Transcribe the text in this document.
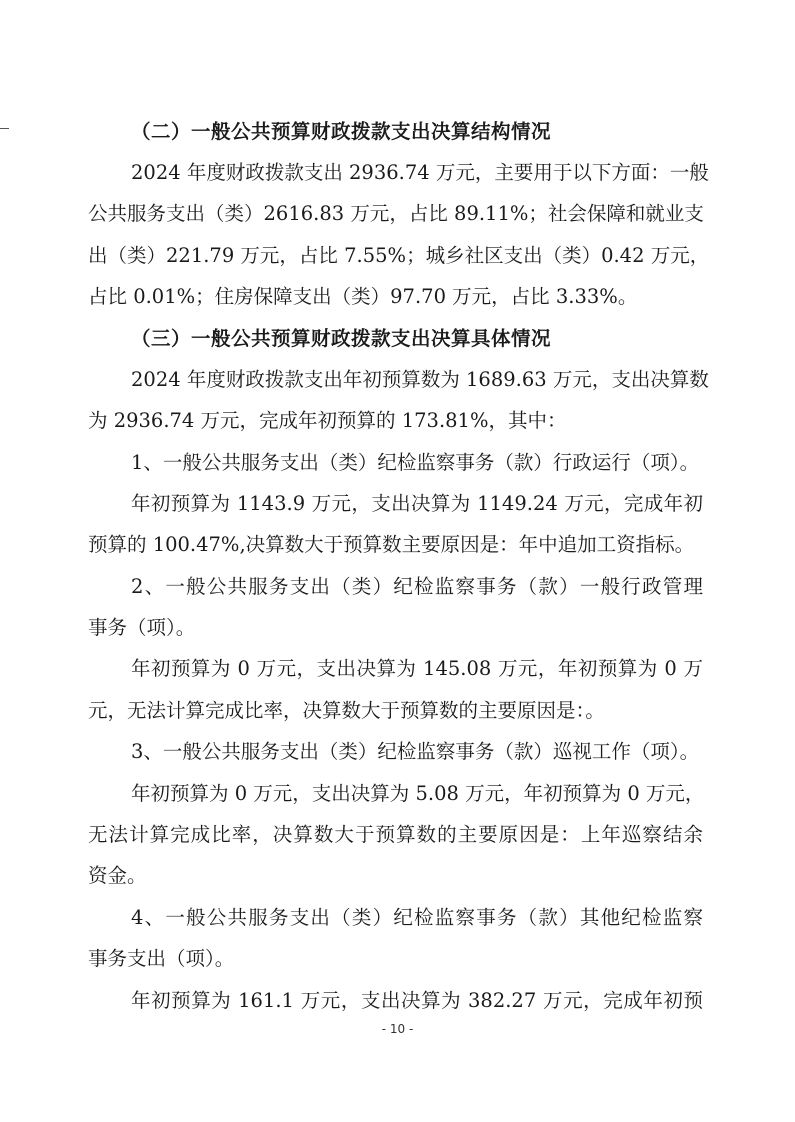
（二）一般公共预算财政拨款支出决算结构情况
2024 年度财政拨款支出 2936.74 万元，主要用于以下方面：一般
公共服务支出（类）2616.83 万元，占比 89.11%；社会保障和就业支
出（类）221.79 万元，占比 7.55%；城乡社区支出（类）0.42 万元，
占比 0.01%；住房保障支出（类）97.70 万元，占比 3.33%。
（三）一般公共预算财政拨款支出决算具体情况
2024 年度财政拨款支出年初预算数为 1689.63 万元，支出决算数
为 2936.74 万元，完成年初预算的 173.81%，其中：
1、一般公共服务支出（类）纪检监察事务（款）行政运行（项）。
年初预算为 1143.9 万元，支出决算为 1149.24 万元，完成年初
预算的 100.47%,决算数大于预算数主要原因是：年中追加工资指标。
2、一般公共服务支出（类）纪检监察事务（款）一般行政管理
事务（项）。
年初预算为 0 万元，支出决算为 145.08 万元，年初预算为 0 万
元，无法计算完成比率，决算数大于预算数的主要原因是：。
3、一般公共服务支出（类）纪检监察事务（款）巡视工作（项）。
年初预算为 0 万元，支出决算为 5.08 万元，年初预算为 0 万元，
无法计算完成比率，决算数大于预算数的主要原因是：上年巡察结余
资金。
4、一般公共服务支出（类）纪检监察事务（款）其他纪检监察
事务支出（项）。
年初预算为 161.1 万元，支出决算为 382.27 万元，完成年初预
- 10 -
